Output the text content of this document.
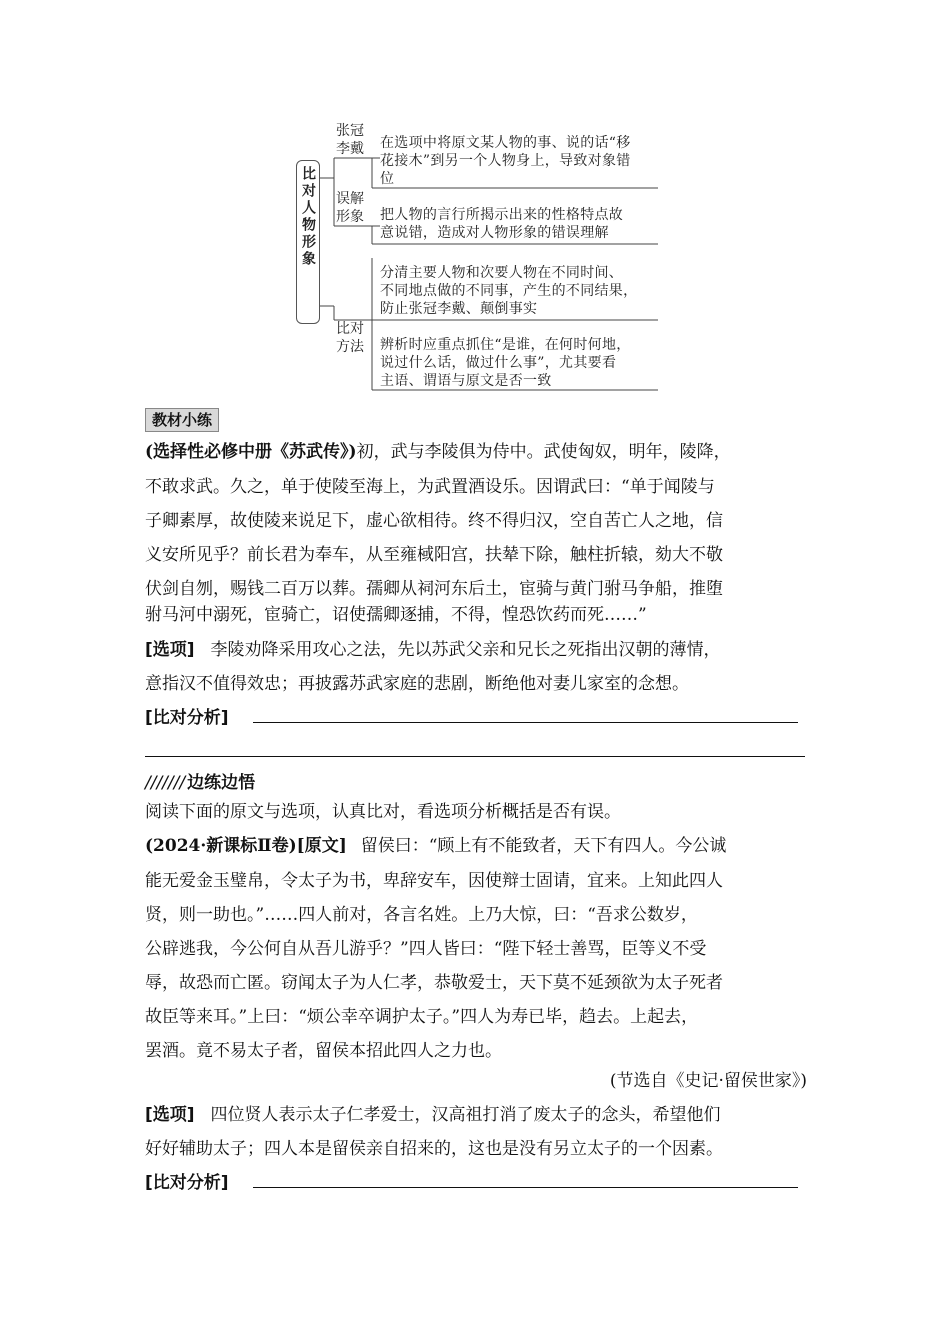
比对人物形象
张冠
李戴
误解
形象
比对
方法
在选项中将原文某人物的事、说的话“移
花接木”到另一个人物身上，导致对象错
位
把人物的言行所揭示出来的性格特点故
意说错，造成对人物形象的错误理解
分清主要人物和次要人物在不同时间、
不同地点做的不同事，产生的不同结果，
防止张冠李戴、颠倒事实
辨析时应重点抓住“是谁，在何时何地，
说过什么话，做过什么事”，尤其要看
主语、谓语与原文是否一致
教材小练
(选择性必修中册《苏武传》)初，武与李陵俱为侍中。武使匈奴，明年，陵降，
不敢求武。久之，单于使陵至海上，为武置酒设乐。因谓武曰：“单于闻陵与
子卿素厚，故使陵来说足下，虚心欲相待。终不得归汉，空自苦亡人之地，信
义安所见乎？前长君为奉车，从至雍棫阳宫，扶辇下除，触柱折辕，劾大不敬
伏剑自刎，赐钱二百万以葬。孺卿从祠河东后土，宦骑与黄门驸马争船，推堕
驸马河中溺死，宦骑亡，诏使孺卿逐捕，不得，惶恐饮药而死……”
[选项] 李陵劝降采用攻心之法，先以苏武父亲和兄长之死指出汉朝的薄情，
意指汉不值得效忠；再披露苏武家庭的悲剧，断绝他对妻儿家室的念想。
[比对分析]
/////// 边练边悟
阅读下面的原文与选项，认真比对，看选项分析概括是否有误。
(2024·新课标Ⅱ卷)[原文] 留侯曰：“顾上有不能致者，天下有四人。今公诚
能无爱金玉璧帛，令太子为书，卑辞安车，因使辩士固请，宜来。上知此四人
贤，则一助也。”……四人前对，各言名姓。上乃大惊，曰：“吾求公数岁，
公辟逃我，今公何自从吾儿游乎？”四人皆曰：“陛下轻士善骂，臣等义不受
辱，故恐而亡匿。窃闻太子为人仁孝，恭敬爱士，天下莫不延颈欲为太子死者
故臣等来耳。”上曰：“烦公幸卒调护太子。”四人为寿已毕，趋去。上起去，
罢酒。竟不易太子者，留侯本招此四人之力也。
(节选自《史记·留侯世家》)
[选项] 四位贤人表示太子仁孝爱士，汉高祖打消了废太子的念头，希望他们
好好辅助太子；四人本是留侯亲自招来的，这也是没有另立太子的一个因素。
[比对分析]
